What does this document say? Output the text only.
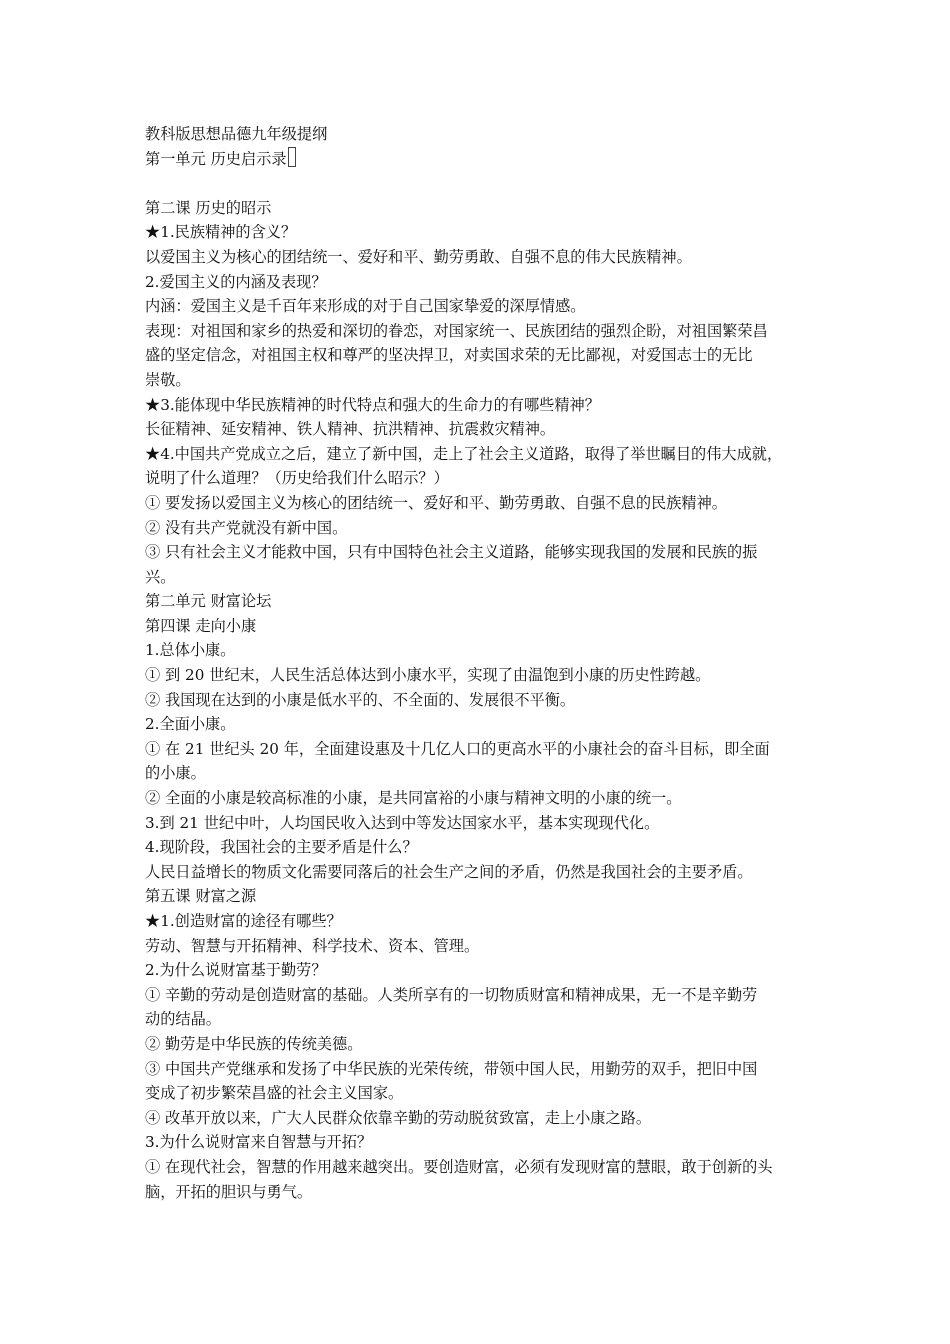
教科版思想品德九年级提纲
第一单元 历史启示录
第二课 历史的昭示
★1.民族精神的含义？
以爱国主义为核心的团结统一、爱好和平、勤劳勇敢、自强不息的伟大民族精神。
2.爱国主义的内涵及表现？
内涵：爱国主义是千百年来形成的对于自己国家挚爱的深厚情感。
表现：对祖国和家乡的热爱和深切的眷恋，对国家统一、民族团结的强烈企盼，对祖国繁荣昌
盛的坚定信念，对祖国主权和尊严的坚决捍卫，对卖国求荣的无比鄙视，对爱国志士的无比
崇敬。
★3.能体现中华民族精神的时代特点和强大的生命力的有哪些精神？
长征精神、延安精神、铁人精神、抗洪精神、抗震救灾精神。
★4.中国共产党成立之后，建立了新中国，走上了社会主义道路，取得了举世瞩目的伟大成就，
说明了什么道理？（历史给我们什么昭示？）
① 要发扬以爱国主义为核心的团结统一、爱好和平、勤劳勇敢、自强不息的民族精神。
② 没有共产党就没有新中国。
③ 只有社会主义才能救中国，只有中国特色社会主义道路，能够实现我国的发展和民族的振
兴。
第二单元 财富论坛
第四课 走向小康
1.总体小康。
① 到 20 世纪末，人民生活总体达到小康水平，实现了由温饱到小康的历史性跨越。
② 我国现在达到的小康是低水平的、不全面的、发展很不平衡。
2.全面小康。
① 在 21 世纪头 20 年，全面建设惠及十几亿人口的更高水平的小康社会的奋斗目标，即全面
的小康。
② 全面的小康是较高标准的小康，是共同富裕的小康与精神文明的小康的统一。
3.到 21 世纪中叶，人均国民收入达到中等发达国家水平，基本实现现代化。
4.现阶段，我国社会的主要矛盾是什么？
人民日益增长的物质文化需要同落后的社会生产之间的矛盾，仍然是我国社会的主要矛盾。
第五课 财富之源
★1.创造财富的途径有哪些？
劳动、智慧与开拓精神、科学技术、资本、管理。
2.为什么说财富基于勤劳？
① 辛勤的劳动是创造财富的基础。人类所享有的一切物质财富和精神成果，无一不是辛勤劳
动的结晶。
② 勤劳是中华民族的传统美德。
③ 中国共产党继承和发扬了中华民族的光荣传统，带领中国人民，用勤劳的双手，把旧中国
变成了初步繁荣昌盛的社会主义国家。
④ 改革开放以来，广大人民群众依靠辛勤的劳动脱贫致富，走上小康之路。
3.为什么说财富来自智慧与开拓？
① 在现代社会，智慧的作用越来越突出。要创造财富，必须有发现财富的慧眼，敢于创新的头
脑，开拓的胆识与勇气。
